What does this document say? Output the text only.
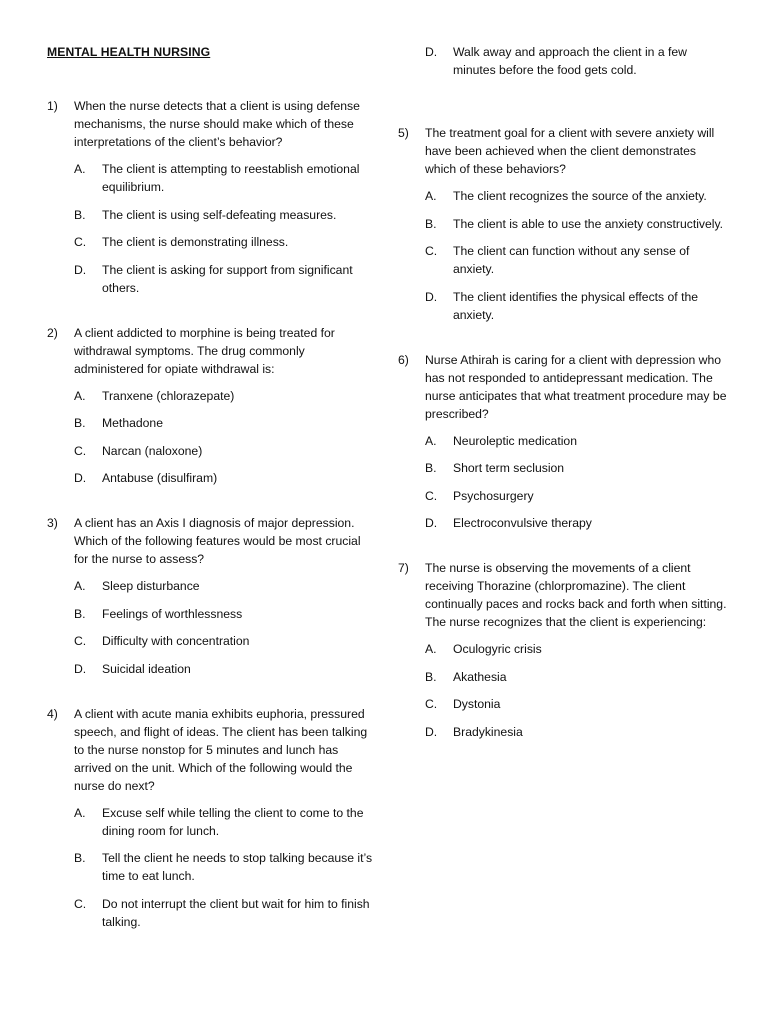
MENTAL HEALTH NURSING
1) When the nurse detects that a client is using defense mechanisms, the nurse should make which of these interpretations of the client’s behavior?
A. The client is attempting to reestablish emotional equilibrium.
B. The client is using self-defeating measures.
C. The client is demonstrating illness.
D. The client is asking for support from significant others.
2) A client addicted to morphine is being treated for withdrawal symptoms. The drug commonly administered for opiate withdrawal is:
A. Tranxene (chlorazepate)
B. Methadone
C. Narcan (naloxone)
D. Antabuse (disulfiram)
3) A client has an Axis I diagnosis of major depression. Which of the following features would be most crucial for the nurse to assess?
A. Sleep disturbance
B. Feelings of worthlessness
C. Difficulty with concentration
D. Suicidal ideation
4) A client with acute mania exhibits euphoria, pressured speech, and flight of ideas. The client has been talking to the nurse nonstop for 5 minutes and lunch has arrived on the unit. Which of the following would the nurse do next?
A. Excuse self while telling the client to come to the dining room for lunch.
B. Tell the client he needs to stop talking because it’s time to eat lunch.
C. Do not interrupt the client but wait for him to finish talking.
D. Walk away and approach the client in a few minutes before the food gets cold.
5) The treatment goal for a client with severe anxiety will have been achieved when the client demonstrates which of these behaviors?
A. The client recognizes the source of the anxiety.
B. The client is able to use the anxiety constructively.
C. The client can function without any sense of anxiety.
D. The client identifies the physical effects of the anxiety.
6) Nurse Athirah is caring for a client with depression who has not responded to antidepressant medication. The nurse anticipates that what treatment procedure may be prescribed?
A. Neuroleptic medication
B. Short term seclusion
C. Psychosurgery
D. Electroconvulsive therapy
7) The nurse is observing the movements of a client receiving Thorazine (chlorpromazine). The client continually paces and rocks back and forth when sitting. The nurse recognizes that the client is experiencing:
A. Oculogyric crisis
B. Akathesia
C. Dystonia
D. Bradykinesia
